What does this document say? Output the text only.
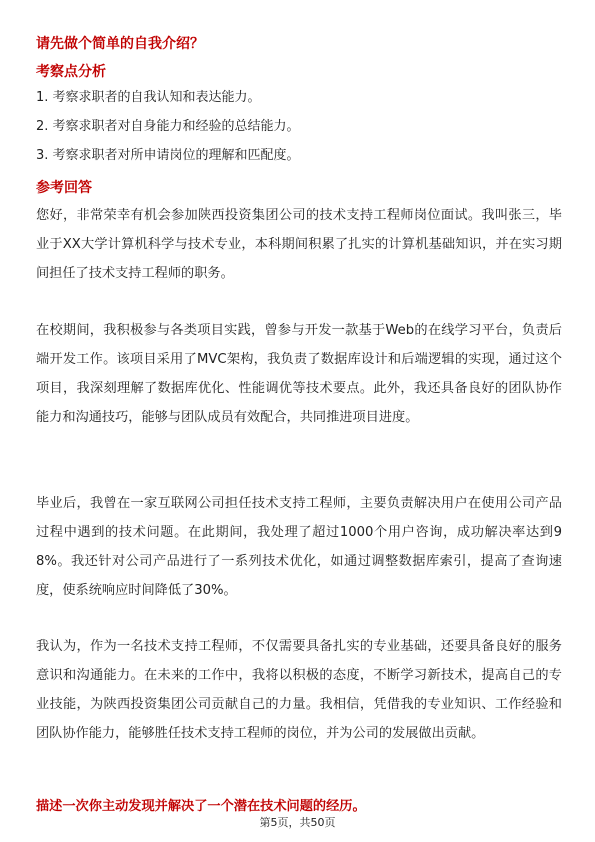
请先做个简单的自我介绍？
考察点分析
1. 考察求职者的自我认知和表达能力。
2. 考察求职者对自身能力和经验的总结能力。
3. 考察求职者对所申请岗位的理解和匹配度。
参考回答
您好，非常荣幸有机会参加陕西投资集团公司的技术支持工程师岗位面试。我叫张三，毕业于XX大学计算机科学与技术专业，本科期间积累了扎实的计算机基础知识，并在实习期间担任了技术支持工程师的职务。
在校期间，我积极参与各类项目实践，曾参与开发一款基于Web的在线学习平台，负责后端开发工作。该项目采用了MVC架构，我负责了数据库设计和后端逻辑的实现，通过这个项目，我深刻理解了数据库优化、性能调优等技术要点。此外，我还具备良好的团队协作能力和沟通技巧，能够与团队成员有效配合，共同推进项目进度。
毕业后，我曾在一家互联网公司担任技术支持工程师，主要负责解决用户在使用公司产品过程中遇到的技术问题。在此期间，我处理了超过1000个用户咨询，成功解决率达到98%。我还针对公司产品进行了一系列技术优化，如通过调整数据库索引，提高了查询速度，使系统响应时间降低了30%。
我认为，作为一名技术支持工程师，不仅需要具备扎实的专业基础，还要具备良好的服务意识和沟通能力。在未来的工作中，我将以积极的态度，不断学习新技术，提高自己的专业技能，为陕西投资集团公司贡献自己的力量。我相信，凭借我的专业知识、工作经验和团队协作能力，能够胜任技术支持工程师的岗位，并为公司的发展做出贡献。
描述一次你主动发现并解决了一个潜在技术问题的经历。
第5页，共50页
